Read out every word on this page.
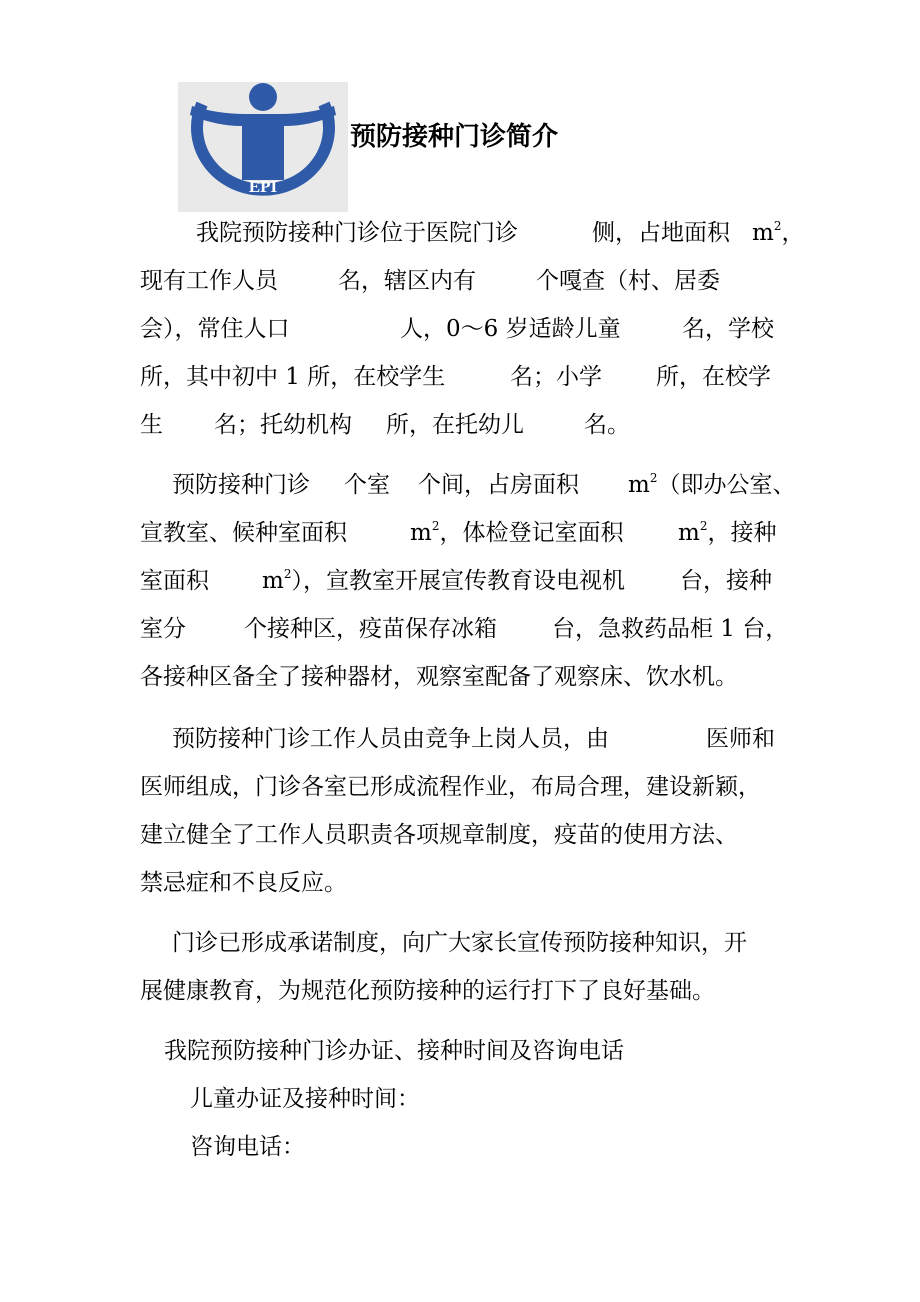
EPI
预防接种门诊简介
我院预防接种门诊位于医院门诊	侧，占地面积 $m^2$，
现有工作人员	名，辖区内有	个嘎查（村、居委
会），常住人口	人，0～6 岁适龄儿童	名，学校
所，其中初中 1 所，在校学生	名；小学 所，在校学
生 名；托幼机构 所，在托幼儿	名。
预防接种门诊 个室 个间，占房面积 $m^2$（即办公室、
宣教室、候种室面积	$m^2$，体检登记室面积 $m^2$，接种
室面积 $m^2$），宣教室开展宣传教育设电视机 台，接种
室分	个接种区，疫苗保存冰箱 台，急救药品柜 1 台，
各接种区备全了接种器材，观察室配备了观察床、饮水机。
预防接种门诊工作人员由竞争上岗人员，由	医师和
医师组成，门诊各室已形成流程作业，布局合理，建设新颖，
建立健全了工作人员职责各项规章制度，疫苗的使用方法、
禁忌症和不良反应。
门诊已形成承诺制度，向广大家长宣传预防接种知识，开
展健康教育，为规范化预防接种的运行打下了良好基础。
我院预防接种门诊办证、接种时间及咨询电话
儿童办证及接种时间：
咨询电话：
